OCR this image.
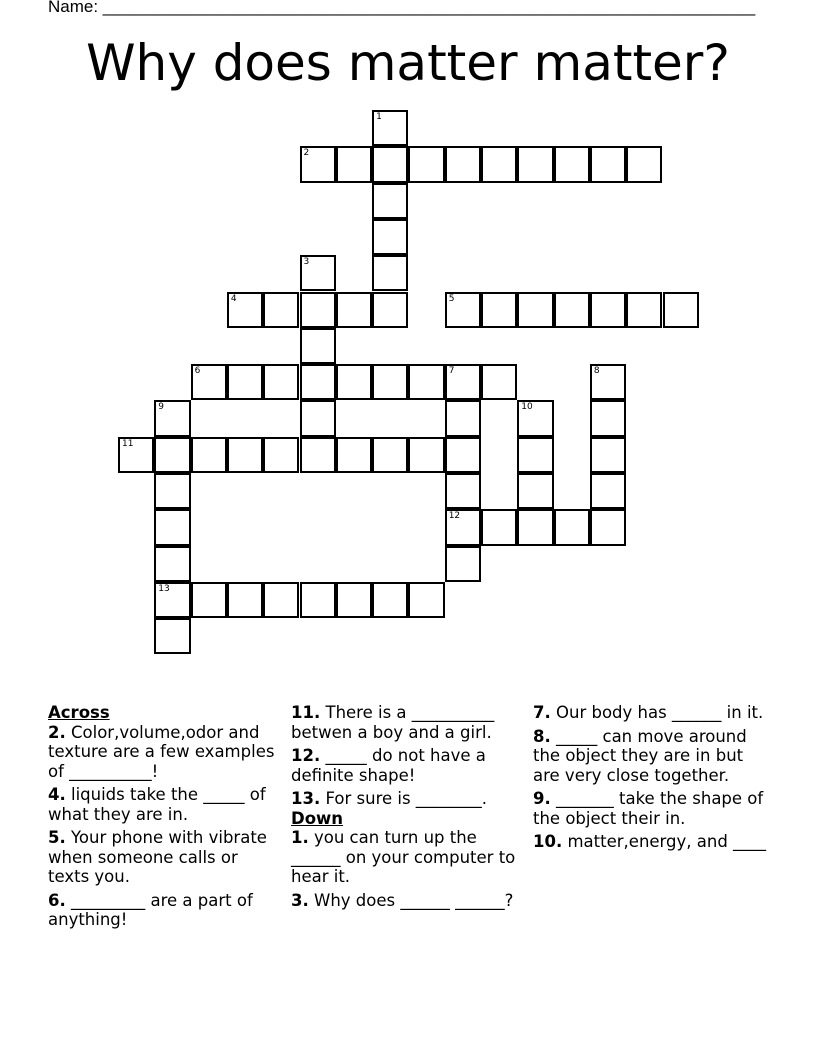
Name: _____________________________________________________________________
Why does matter matter?
1
2
3
4	5
6	7
12
8
9
13
10
11
Across
2. Color,volume,odor and texture are a few examples of __________!
4. liquids take the _____ of what they are in.
5. Your phone with vibrate when someone calls or texts you.
6. _________ are a part of anything!
11. There is a __________ betwen a boy and a girl.
12. _____ do not have a definite shape!
13. For sure is ________.
Down
1. you can turn up the ______ on your computer to hear it.
3. Why does ______ ______?
7. Our body has ______ in it.
8. _____ can move around the object they are in but are very close together.
9. _______ take the shape of the object their in.
10. matter,energy, and ____
